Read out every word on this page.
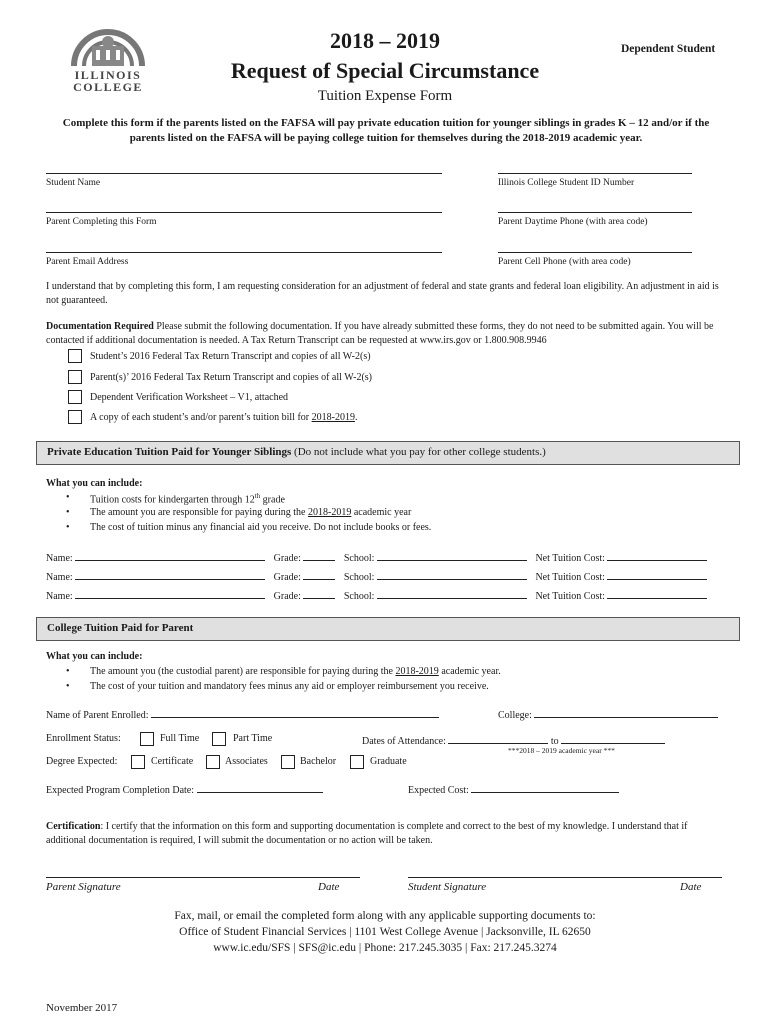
ILLINOIS
COLLEGE
2018 – 2019	Dependent Student
Request of Special Circumstance
Tuition Expense Form
Complete this form if the parents listed on the FAFSA will pay private education tuition for younger siblings in grades K – 12 and/or if the parents listed on the FAFSA will be paying college tuition for themselves during the 2018-2019 academic year.
Student Name	Illinois College Student ID Number
Parent Completing this Form	Parent Daytime Phone (with area code)
Parent Email Address	Parent Cell Phone (with area code)
I understand that by completing this form, I am requesting consideration for an adjustment of federal and state grants and federal loan eligibility. An adjustment in aid is not guaranteed.
Documentation Required Please submit the following documentation. If you have already submitted these forms, they do not need to be submitted again. You will be contacted if additional documentation is needed. A Tax Return Transcript can be requested at www.irs.gov or 1.800.908.9946
Student’s 2016 Federal Tax Return Transcript and copies of all W-2(s)
Parent(s)’ 2016 Federal Tax Return Transcript and copies of all W-2(s)
Dependent Verification Worksheet – V1, attached
A copy of each student’s and/or parent’s tuition bill for 2018-2019.
Private Education Tuition Paid for Younger Siblings (Do not include what you pay for other college students.)
What you can include:
• Tuition costs for kindergarten through 12th grade
• The amount you are responsible for paying during the 2018-2019 academic year
• The cost of tuition minus any financial aid you receive. Do not include books or fees.
Name:	Grade:	School:	Net Tuition Cost:
Name:	Grade:	School:	Net Tuition Cost:
Name:	Grade:	School:	Net Tuition Cost:
College Tuition Paid for Parent
What you can include:
• The amount you (the custodial parent) are responsible for paying during the 2018-2019 academic year.
• The cost of your tuition and mandatory fees minus any aid or employer reimbursement you receive.
Name of Parent Enrolled:	College:
Enrollment Status:	Full Time	Part Time	Dates of Attendance:	to
***2018 – 2019 academic year ***
Degree Expected:	Certificate	Associates	Bachelor	Graduate
Expected Program Completion Date:	Expected Cost:
Certification: I certify that the information on this form and supporting documentation is complete and correct to the best of my knowledge. I understand that if additional documentation is required, I will submit the documentation or no action will be taken.
Parent Signature	Date	Student Signature	Date
Fax, mail, or email the completed form along with any applicable supporting documents to:
Office of Student Financial Services | 1101 West College Avenue | Jacksonville, IL 62650
www.ic.edu/SFS | SFS@ic.edu | Phone: 217.245.3035 | Fax: 217.245.3274
November 2017
